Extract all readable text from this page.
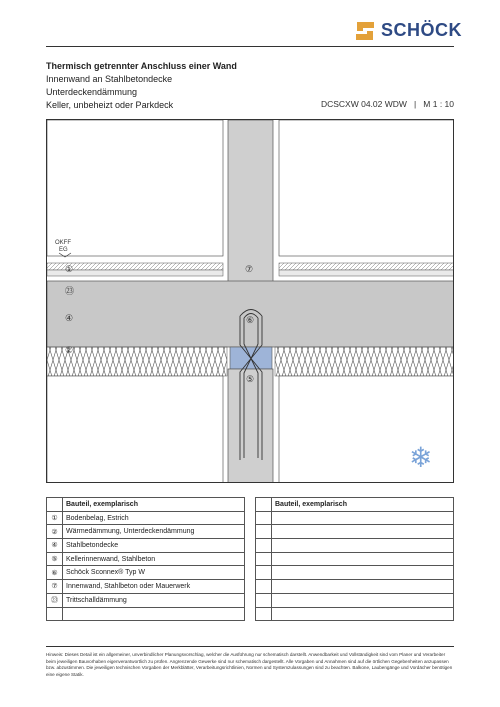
SCHÖCK
Thermisch getrennter Anschluss einer Wand
Innenwand an Stahlbetondecke
Unterdeckendämmung
Keller, unbeheizt oder Parkdeck	DCSCXW 04.02 WDW   |   M 1 : 10
OKFF
EG
①	⑦
㉓
④	⑥
②
⑤
❄
	Bauteil, exemplarisch
①	Bodenbelag, Estrich
②	Wärmedämmung, Unterdeckendämmung
④	Stahlbetondecke
⑤	Kellerinnenwand, Stahlbeton
⑥	Schöck Sconnex® Typ W
⑦	Innenwand, Stahlbeton oder Mauerwerk
㉓	Trittschalldämmung

	Bauteil, exemplarisch

Hinweis: Dieses Detail ist ein allgemeiner, unverbindlicher Planungsvorschlag, welcher die Ausführung nur schematisch darstellt. Anwendbarkeit und Vollständigkeit sind vom Planer und Verarbeiter beim jeweiligen Bauvorhaben eigenverantwortlich zu prüfen. Angrenzende Gewerke sind nur schematisch dargestellt. Alle Vorgaben und Annahmen sind auf die örtlichen Gegebenheiten anzupassen bzw. abzustimmen. Die jeweiligen technischen Vorgaben der Merkblätter, Verarbeitungsrichtlinien, Normen und Systemzulassungen sind zu beachten. Balkone, Laubengänge und Vordächer benötigen eine eigene Statik.
